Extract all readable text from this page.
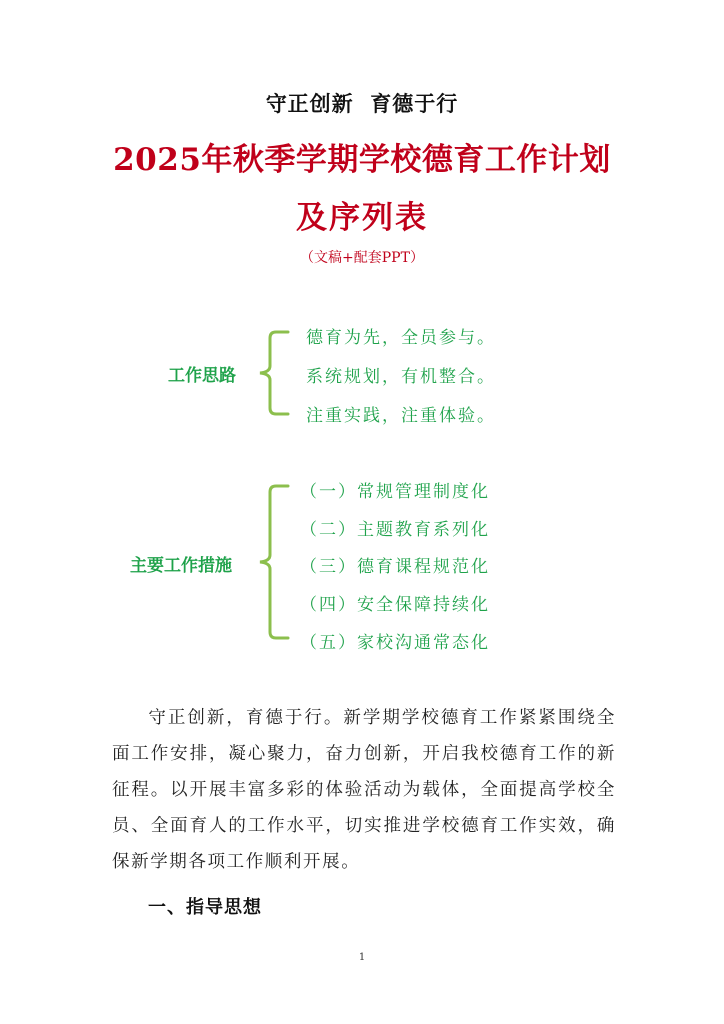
守正创新  育德于行
2025年秋季学期学校德育工作计划
及序列表
（文稿+配套PPT）
工作思路
德育为先，全员参与。
系统规划，有机整合。
注重实践，注重体验。
主要工作措施
（一）常规管理制度化
（二）主题教育系列化
（三）德育课程规范化
（四）安全保障持续化
（五）家校沟通常态化
守正创新，育德于行。新学期学校德育工作紧紧围绕全面工作安排，凝心聚力，奋力创新，开启我校德育工作的新征程。以开展丰富多彩的体验活动为载体，全面提高学校全员、全面育人的工作水平，切实推进学校德育工作实效，确保新学期各项工作顺利开展。
一、指导思想
1
